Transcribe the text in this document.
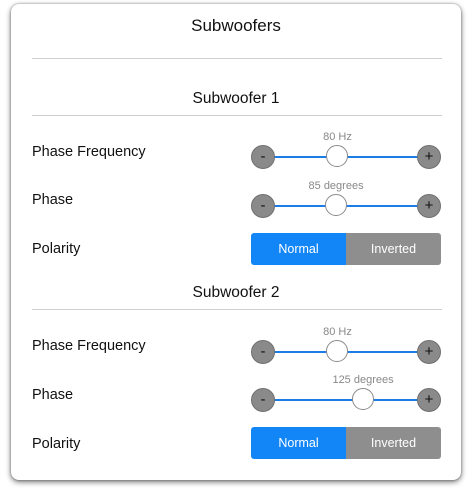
Subwoofers
Subwoofer 1
Phase Frequency
80 Hz
-	+
Phase
85 degrees
-	+
Polarity	Normal	Inverted
Subwoofer 2
Phase Frequency
80 Hz
-	+
Phase
125 degrees
-	+
Polarity	Normal	Inverted
